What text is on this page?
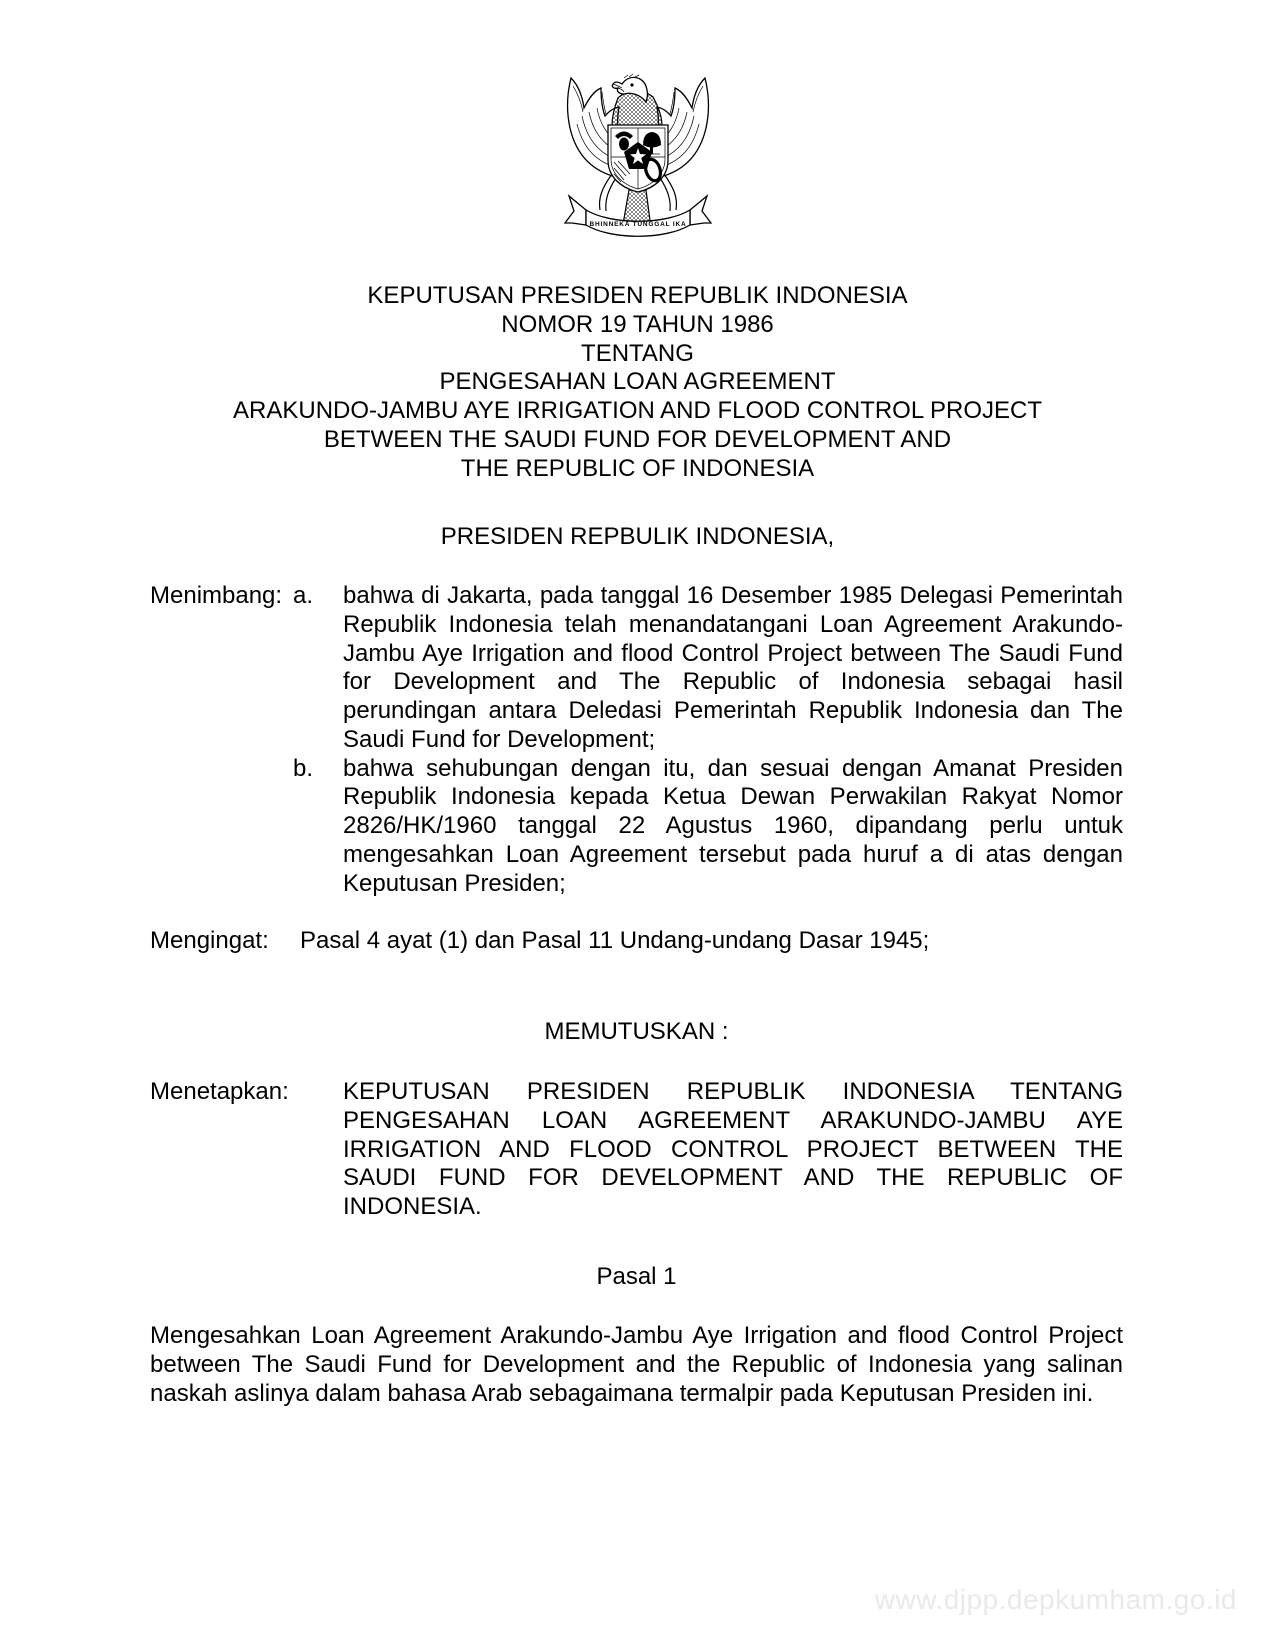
BHINNEKA TUNGGAL IKA
KEPUTUSAN PRESIDEN REPUBLIK INDONESIA
NOMOR 19 TAHUN 1986
TENTANG
PENGESAHAN LOAN AGREEMENT
ARAKUNDO-JAMBU AYE IRRIGATION AND FLOOD CONTROL PROJECT
BETWEEN THE SAUDI FUND FOR DEVELOPMENT AND
THE REPUBLIC OF INDONESIA
PRESIDEN REPBULIK INDONESIA,
Menimbang: a.	bahwa di Jakarta, pada tanggal 16 Desember 1985 Delegasi Pemerintah
Republik Indonesia telah menandatangani Loan Agreement Arakundo-
Jambu Aye Irrigation and flood Control Project between The Saudi Fund
for Development and The Republic of Indonesia sebagai hasil
perundingan antara Deledasi Pemerintah Republik Indonesia dan The
Saudi Fund for Development;
b.	bahwa sehubungan dengan itu, dan sesuai dengan Amanat Presiden
Republik Indonesia kepada Ketua Dewan Perwakilan Rakyat Nomor
2826/HK/1960 tanggal 22 Agustus 1960, dipandang perlu untuk
mengesahkan Loan Agreement tersebut pada huruf a di atas dengan
Keputusan Presiden;
Mengingat:	Pasal 4 ayat (1) dan Pasal 11 Undang-undang Dasar 1945;
MEMUTUSKAN :
Menetapkan: KEPUTUSAN PRESIDEN REPUBLIK INDONESIA TENTANG
PENGESAHAN LOAN AGREEMENT ARAKUNDO-JAMBU AYE
IRRIGATION AND FLOOD CONTROL PROJECT BETWEEN THE
SAUDI FUND FOR DEVELOPMENT AND THE REPUBLIC OF
INDONESIA.
Pasal 1
Mengesahkan Loan Agreement Arakundo-Jambu Aye Irrigation and flood Control Project
between The Saudi Fund for Development and the Republic of Indonesia yang salinan
naskah aslinya dalam bahasa Arab sebagaimana termalpir pada Keputusan Presiden ini.
www.djpp.depkumham.go.id
